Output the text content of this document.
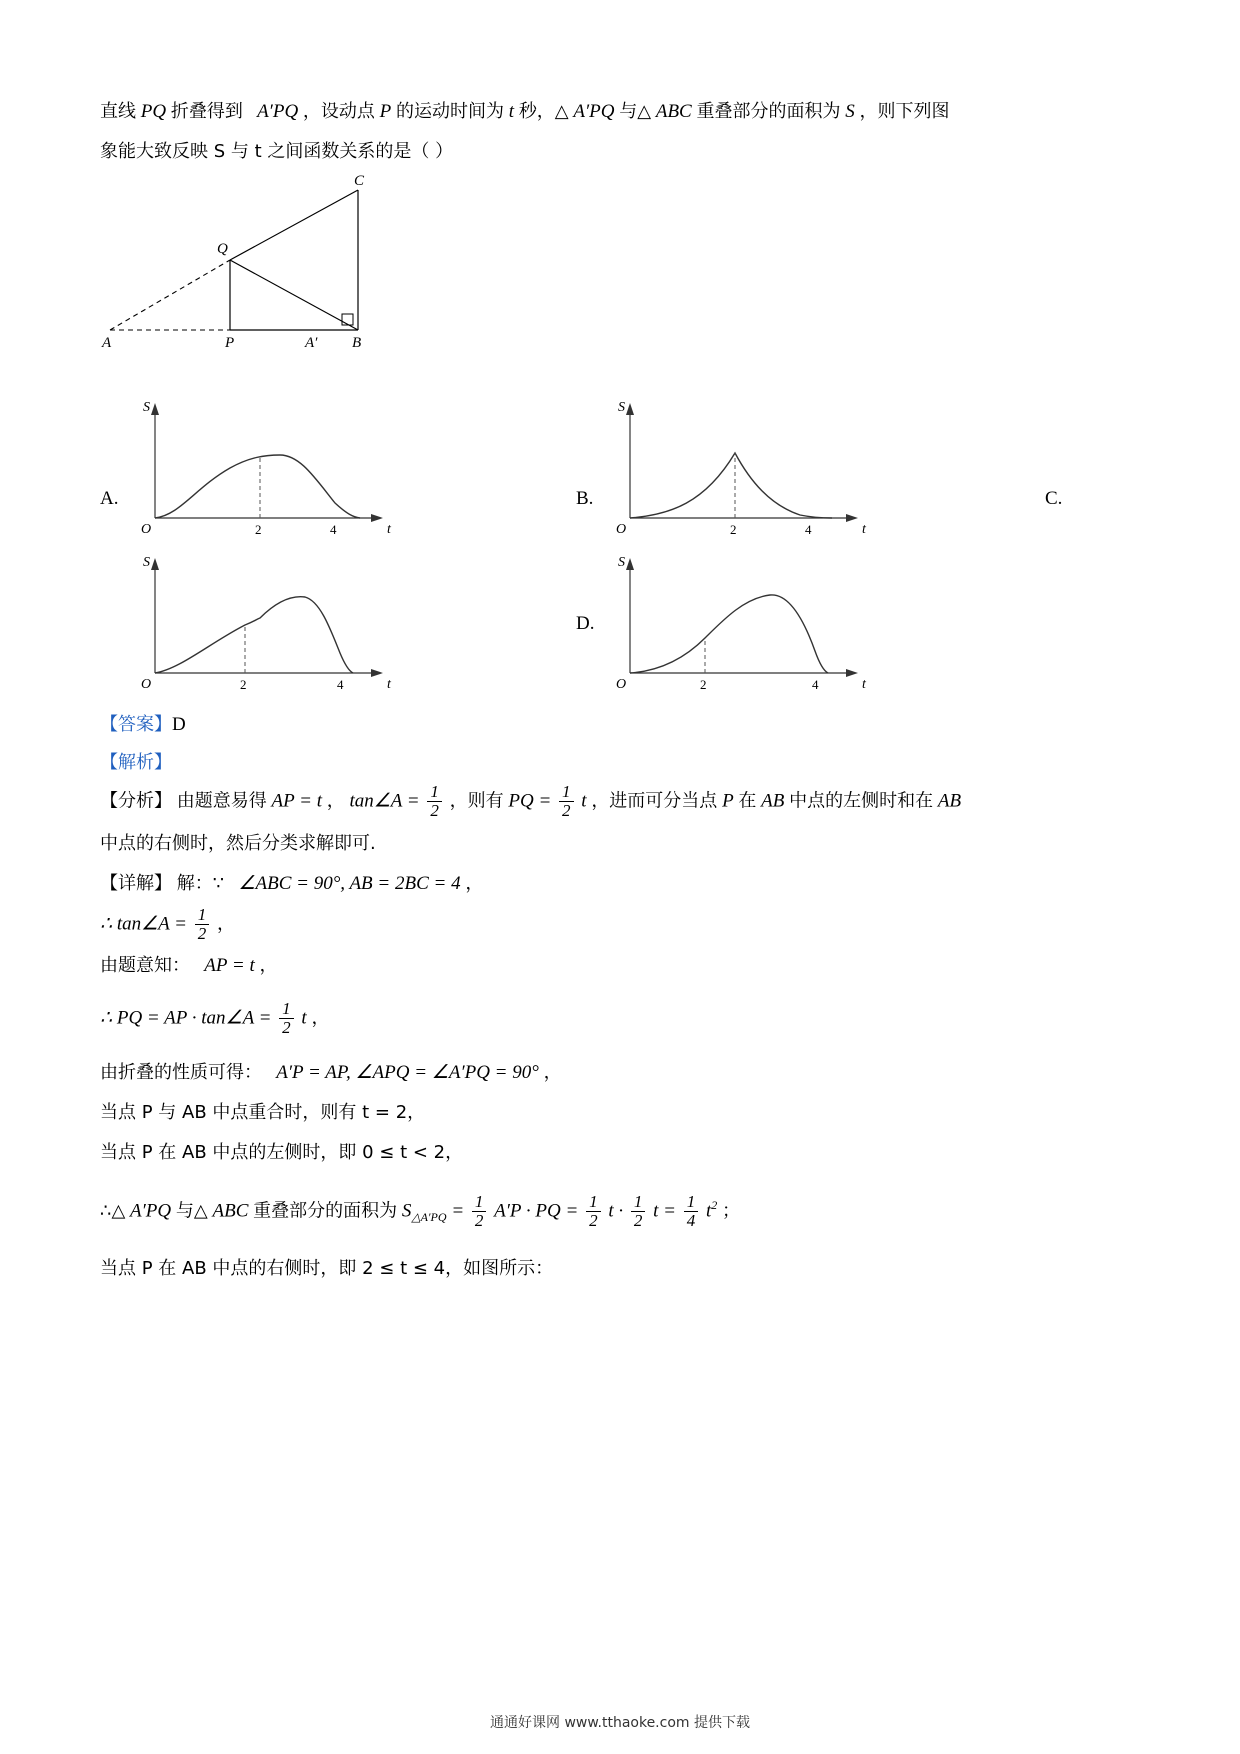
直线 PQ 折叠得到 A′PQ ，设动点 P 的运动时间为 t 秒，△ A′PQ 与△ ABC 重叠部分的面积为 S ，则下列图

象能大致反映 S 与 t 之间函数关系的是（ ）

C
Q
A	P	A′ B
A.
S
O	2	4	t
B.
S
O	2	4	t
C.
S
O	2	4	t
D.
S
O	2	4	t

【答案】D

【解析】

【分析】 由题意易得 AP = t ， tan∠A = $\frac{1}{2}$ ，则有 PQ = $\frac{1}{2}$ t ，进而可分当点 P 在 AB 中点的左侧时和在 AB

中点的右侧时，然后分类求解即可.

【详解】 解：∵ ∠ABC = 90°, AB = 2BC = 4 ，

∴ tan∠A = $\frac{1}{2}$ ，

由题意知： AP = t ，

∴ PQ = AP · tan∠A = $\frac{1}{2}$ t ，

由折叠的性质可得： A′P = AP, ∠APQ = ∠A′PQ = 90° ，

当点 P 与 AB 中点重合时，则有 t = 2，

当点 P 在 AB 中点的左侧时，即 0 ≤ t < 2，

∴△ A′PQ 与△ ABC 重叠部分的面积为 $S_{\triangle A'PQ} = \frac{1}{2} A'P$ · PQ = $\frac{1}{2}$ $t \cdot \frac{1}{2}$ $t = \frac{1}{4} t^2$ ；

当点 P 在 AB 中点的右侧时，即 2 ≤ t ≤ 4，如图所示：

通通好课网 www.tthaoke.com 提供下载
